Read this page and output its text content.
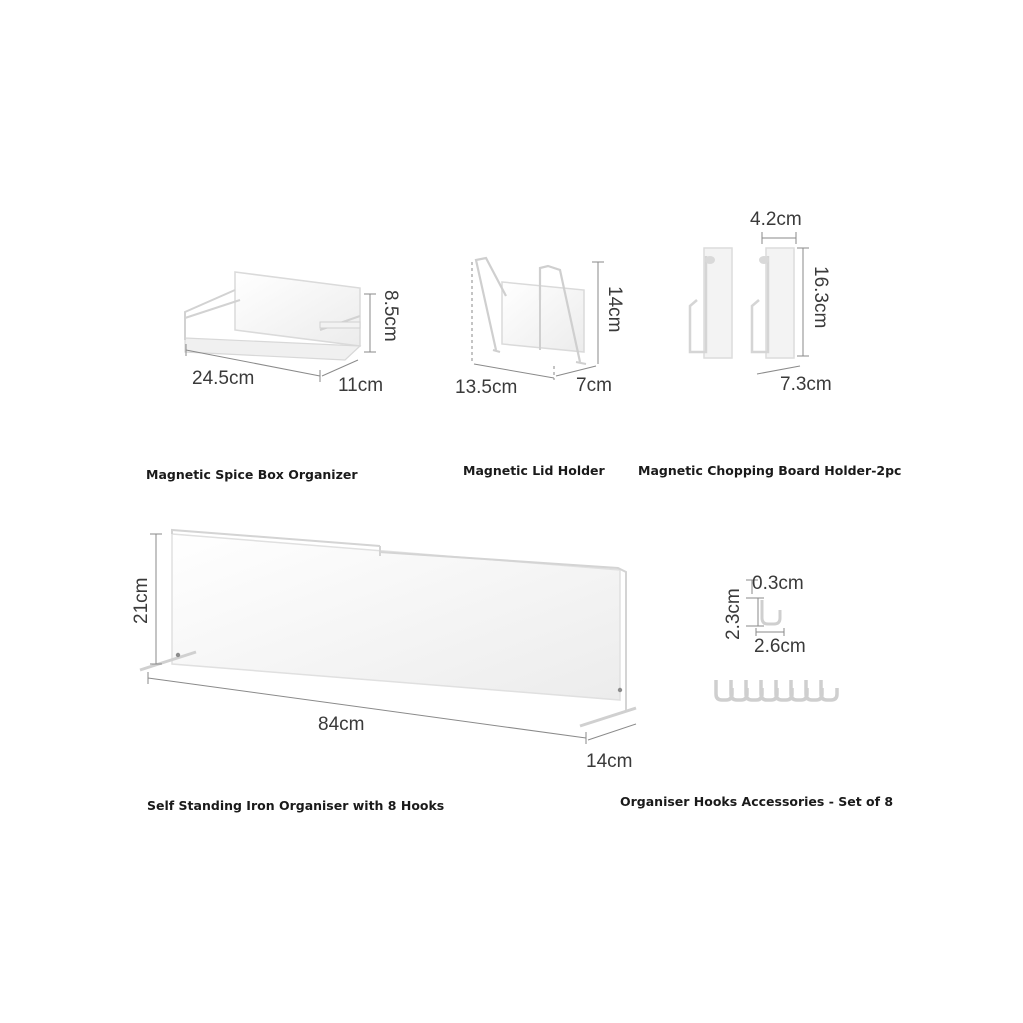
24.5cm	11cm
8.5cm
13.5cm	7cm
14cm
4.2cm
7.3cm
16.3cm
21cm
84cm
14cm
0.3cm
2.3cm
2.6cm
Magnetic Spice Box Organizer	Magnetic Lid Holder	Magnetic Chopping Board Holder-2pc
Self Standing Iron Organiser with 8 Hooks	Organiser Hooks Accessories - Set of 8
